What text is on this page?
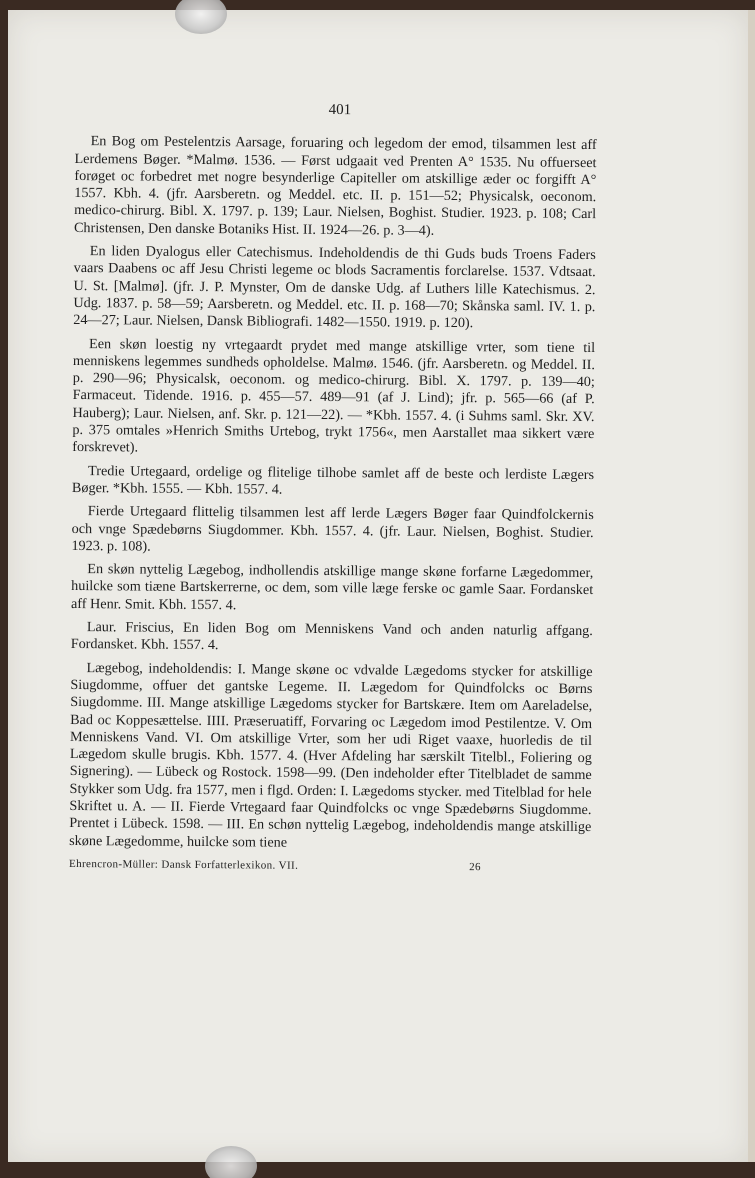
401

En Bog om Pestelentzis Aarsage, foruaring och legedom der emod, tilsammen lest aff Lerdemens Bøger. *Malmø. 1536. — Først udgaait ved Prenten A° 1535. Nu offuerseet forøget oc forbedret met nogre besynderlige Capiteller om atskillige æder oc forgifft A° 1557. Kbh. 4. (jfr. Aarsberetn. og Meddel. etc. II. p. 151—52; Physicalsk, oeconom. medico-chirurg. Bibl. X. 1797. p. 139; Laur. Nielsen, Boghist. Studier. 1923. p. 108; Carl Christensen, Den danske Botaniks Hist. II. 1924—26. p. 3—4).

En liden Dyalogus eller Catechismus. Indeholdendis de thi Guds buds Troens Faders vaars Daabens oc aff Jesu Christi legeme oc blods Sacramentis forclarelse. 1537. Vdtsaat. U. St. [Malmø]. (jfr. J. P. Mynster, Om de danske Udg. af Luthers lille Katechismus. 2. Udg. 1837. p. 58—59; Aarsberetn. og Meddel. etc. II. p. 168—70; Skånska saml. IV. 1. p. 24—27; Laur. Nielsen, Dansk Bibliografi. 1482—1550. 1919. p. 120).

Een skøn loestig ny vrtegaardt prydet med mange atskillige vrter, som tiene til menniskens legemmes sundheds opholdelse. Malmø. 1546. (jfr. Aarsberetn. og Meddel. II. p. 290—96; Physicalsk, oeconom. og medico-chirurg. Bibl. X. 1797. p. 139—40; Farmaceut. Tidende. 1916. p. 455—57. 489—91 (af J. Lind); jfr. p. 565—66 (af P. Hauberg); Laur. Nielsen, anf. Skr. p. 121—22). — *Kbh. 1557. 4. (i Suhms saml. Skr. XV. p. 375 omtales »Henrich Smiths Urtebog, trykt 1756«, men Aarstallet maa sikkert være forskrevet).

Tredie Urtegaard, ordelige og flitelige tilhobe samlet aff de beste och lerdiste Lægers Bøger. *Kbh. 1555. — Kbh. 1557. 4.

Fierde Urtegaard flittelig tilsammen lest aff lerde Lægers Bøger faar Quindfolckernis och vnge Spædebørns Siugdommer. Kbh. 1557. 4. (jfr. Laur. Nielsen, Boghist. Studier. 1923. p. 108).

En skøn nyttelig Lægebog, indhollendis atskillige mange skøne forfarne Lægedommer, huilcke som tiæne Bartskerrerne, oc dem, som ville læge ferske oc gamle Saar. Fordansket aff Henr. Smit. Kbh. 1557. 4.

Laur. Friscius, En liden Bog om Menniskens Vand och anden naturlig affgang. Fordansket. Kbh. 1557. 4.

Lægebog, indeholdendis: I. Mange skøne oc vdvalde Lægedoms stycker for atskillige Siugdomme, offuer det gantske Legeme. II. Lægedom for Quindfolcks oc Børns Siugdomme. III. Mange atskillige Lægedoms stycker for Bartskære. Item om Aareladelse, Bad oc Koppesættelse. IIII. Præseruatiff, Forvaring oc Lægedom imod Pestilentze. V. Om Menniskens Vand. VI. Om atskillige Vrter, som her udi Riget vaaxe, huorledis de til Lægedom skulle brugis. Kbh. 1577. 4. (Hver Afdeling har særskilt Titelbl., Foliering og Signering). — Lübeck og Rostock. 1598—99. (Den indeholder efter Titelbladet de samme Stykker som Udg. fra 1577, men i flgd. Orden: I. Lægedoms stycker. med Titelblad for hele Skriftet u. A. — II. Fierde Vrtegaard faar Quindfolcks oc vnge Spædebørns Siugdomme. Prentet i Lübeck. 1598. — III. En schøn nyttelig Lægebog, indeholdendis mange atskillige skøne Lægedomme, huilcke som tiene

Ehrencron-Müller: Dansk Forfatterlexikon. VII.	26
